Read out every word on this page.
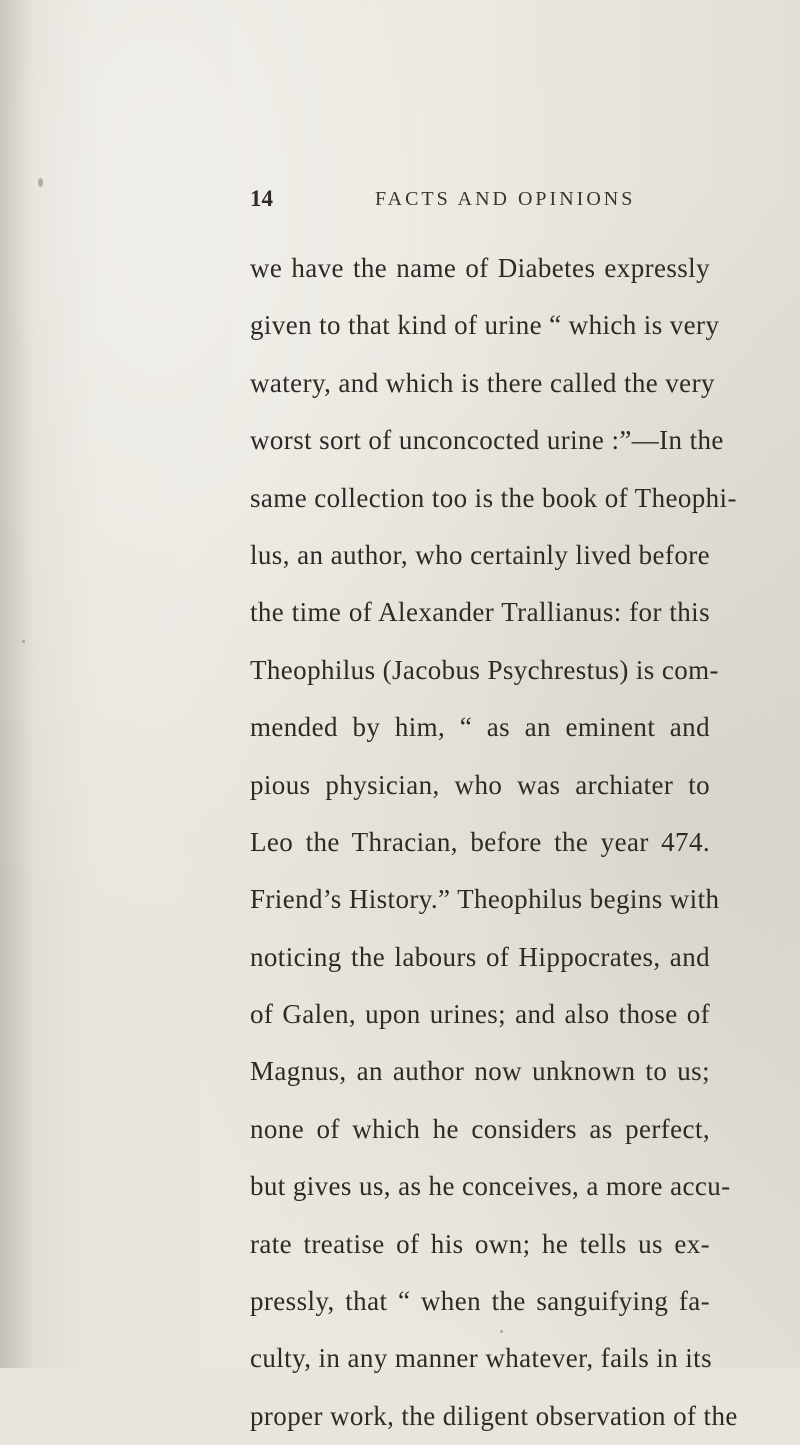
14	FACTS AND OPINIONS
we have the name of Diabetes expressly
given to that kind of urine “ which is very
watery, and which is there called the very
worst sort of unconcocted urine :”—In the
same collection too is the book of Theophi-
lus, an author, who certainly lived before
the time of Alexander Trallianus: for this
Theophilus (Jacobus Psychrestus) is com-
mended by him, “ as an eminent and
pious physician, who was archiater to
Leo the Thracian, before the year 474.
Friend’s History.” Theophilus begins with
noticing the labours of Hippocrates, and
of Galen, upon urines; and also those of
Magnus, an author now unknown to us;
none of which he considers as perfect,
but gives us, as he conceives, a more accu-
rate treatise of his own; he tells us ex-
pressly, that “ when the sanguifying fa-
culty, in any manner whatever, fails in its
proper work, the diligent observation of the
